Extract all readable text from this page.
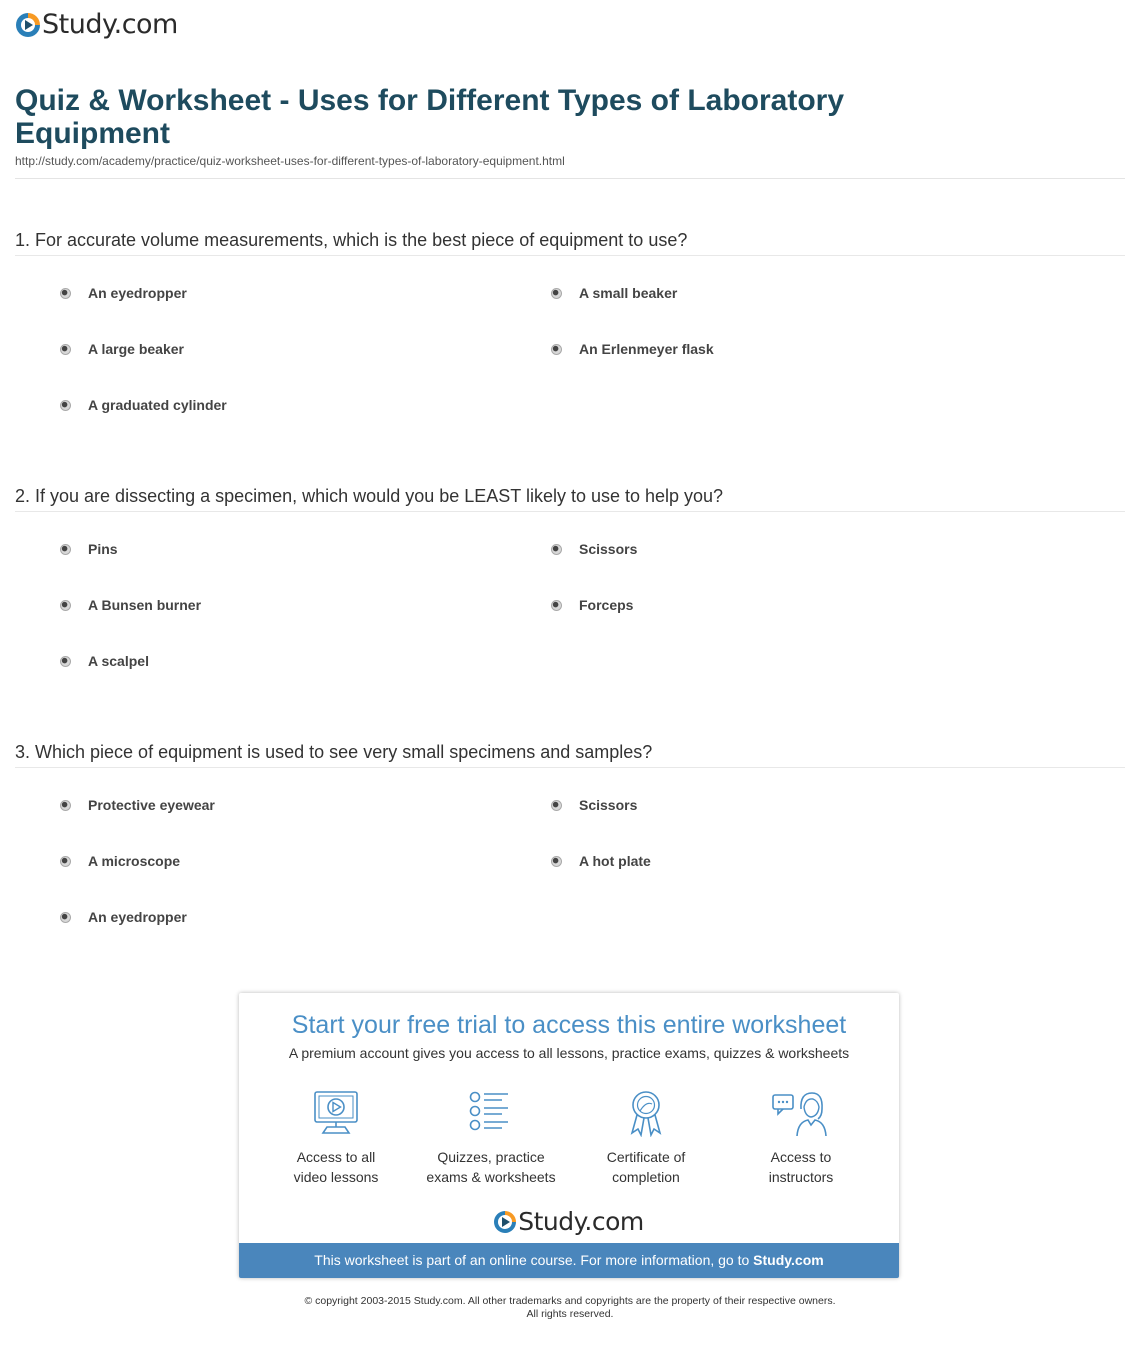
Study.com
Quiz & Worksheet - Uses for Different Types of Laboratory Equipment
http://study.com/academy/practice/quiz-worksheet-uses-for-different-types-of-laboratory-equipment.html
1. For accurate volume measurements, which is the best piece of equipment to use?
An eyedropper	A small beaker
A large beaker	An Erlenmeyer flask
A graduated cylinder
2. If you are dissecting a specimen, which would you be LEAST likely to use to help you?
Pins	Scissors
A Bunsen burner	Forceps
A scalpel
3. Which piece of equipment is used to see very small specimens and samples?
Protective eyewear	Scissors
A microscope	A hot plate
An eyedropper
Start your free trial to access this entire worksheet
A premium account gives you access to all lessons, practice exams, quizzes & worksheets
Access to all
video lessons
Quizzes, practice
exams & worksheets
Certificate of
completion
Access to
instructors
Study.com
This worksheet is part of an online course. For more information, go to Study.com
© copyright 2003-2015 Study.com. All other trademarks and copyrights are the property of their respective owners.
All rights reserved.
